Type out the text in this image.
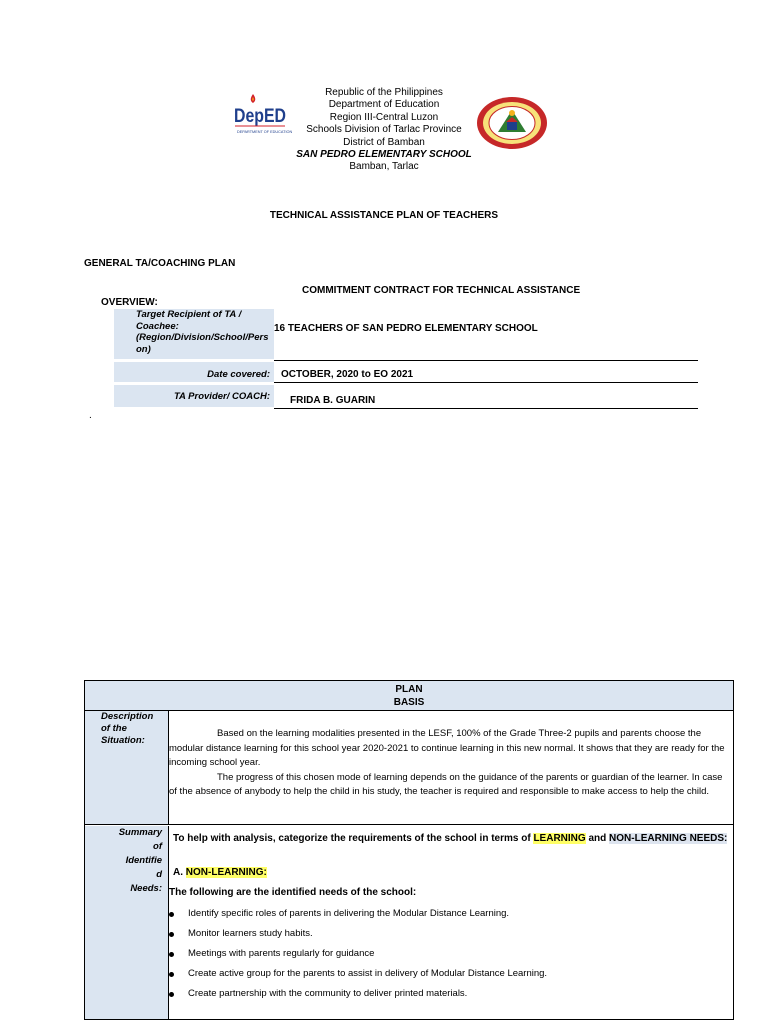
DepED
DEPARTMENT OF EDUCATION
Republic of the Philippines
Department of Education
Region III-Central Luzon
Schools Division of Tarlac Province
District of Bamban
SAN PEDRO ELEMENTARY SCHOOL
Bamban, Tarlac
TECHNICAL ASSISTANCE PLAN OF TEACHERS
GENERAL TA/COACHING PLAN
COMMITMENT CONTRACT FOR TECHNICAL ASSISTANCE
OVERVIEW:
Target Recipient of TA / Coachee: (Region/Division/School/Pers on)
16 TEACHERS OF SAN PEDRO ELEMENTARY SCHOOL
Date covered:	OCTOBER, 2020 to EO 2021
TA Provider/ COACH:	FRIDA B. GUARIN
.
PLAN
BASIS
Description of the Situation:

Based on the learning modalities presented in the LESF, 100% of the Grade Three-2 pupils and parents choose the modular distance learning for this school year 2020-2021 to continue learning in this new normal. It shows that they are ready for the incoming school year.

The progress of this chosen mode of learning depends on the guidance of the parents or guardian of the learner. In case of the absence of anybody to help the child in his study, the teacher is required and responsible to make access to help the child.

Summary
of
Identifie
d
Needs:
To help with analysis, categorize the requirements of the school in terms of LEARNING and NON-LEARNING NEEDS:
A. NON-LEARNING:
The following are the identified needs of the school:
Identify specific roles of parents in delivering the Modular Distance Learning.
Monitor learners study habits.
Meetings with parents regularly for guidance
Create active group for the parents to assist in delivery of Modular Distance Learning.
Create partnership with the community to deliver printed materials.
